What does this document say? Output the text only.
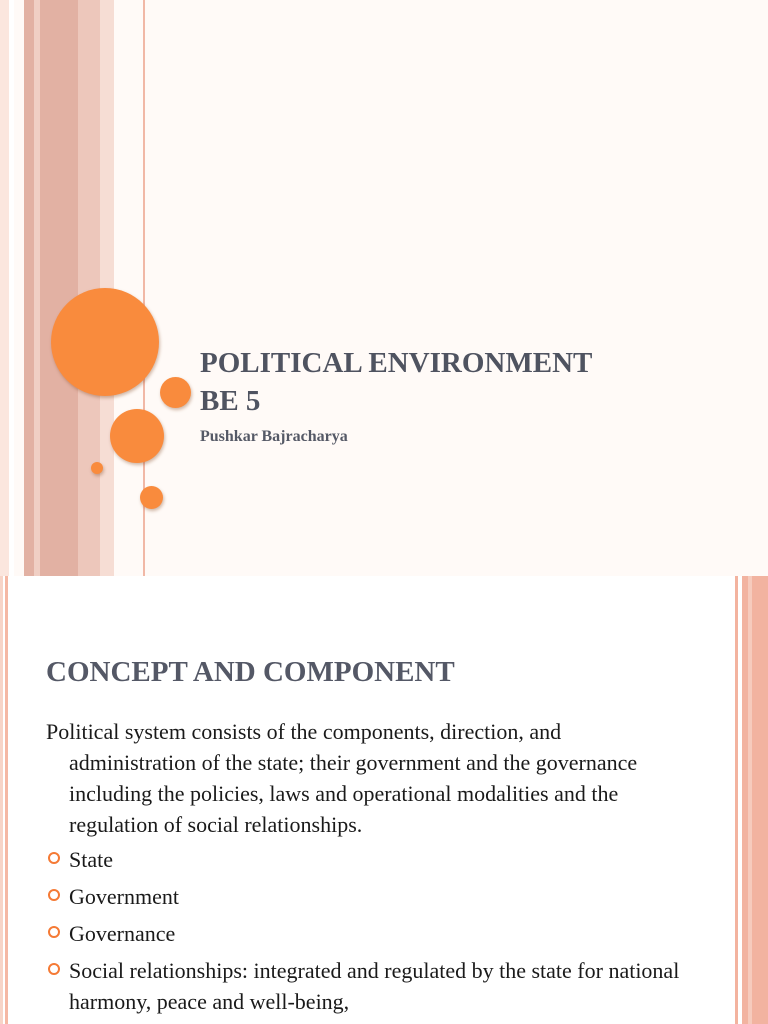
POLITICAL ENVIRONMENT
BE 5
Pushkar Bajracharya
CONCEPT AND COMPONENT

Political system consists of the components, direction, and administration of the state; their government and the governance including the policies, laws and operational modalities and the regulation of social relationships.

State
Government
Governance
Social relationships: integrated and regulated by the state for national harmony, peace and well-being,
